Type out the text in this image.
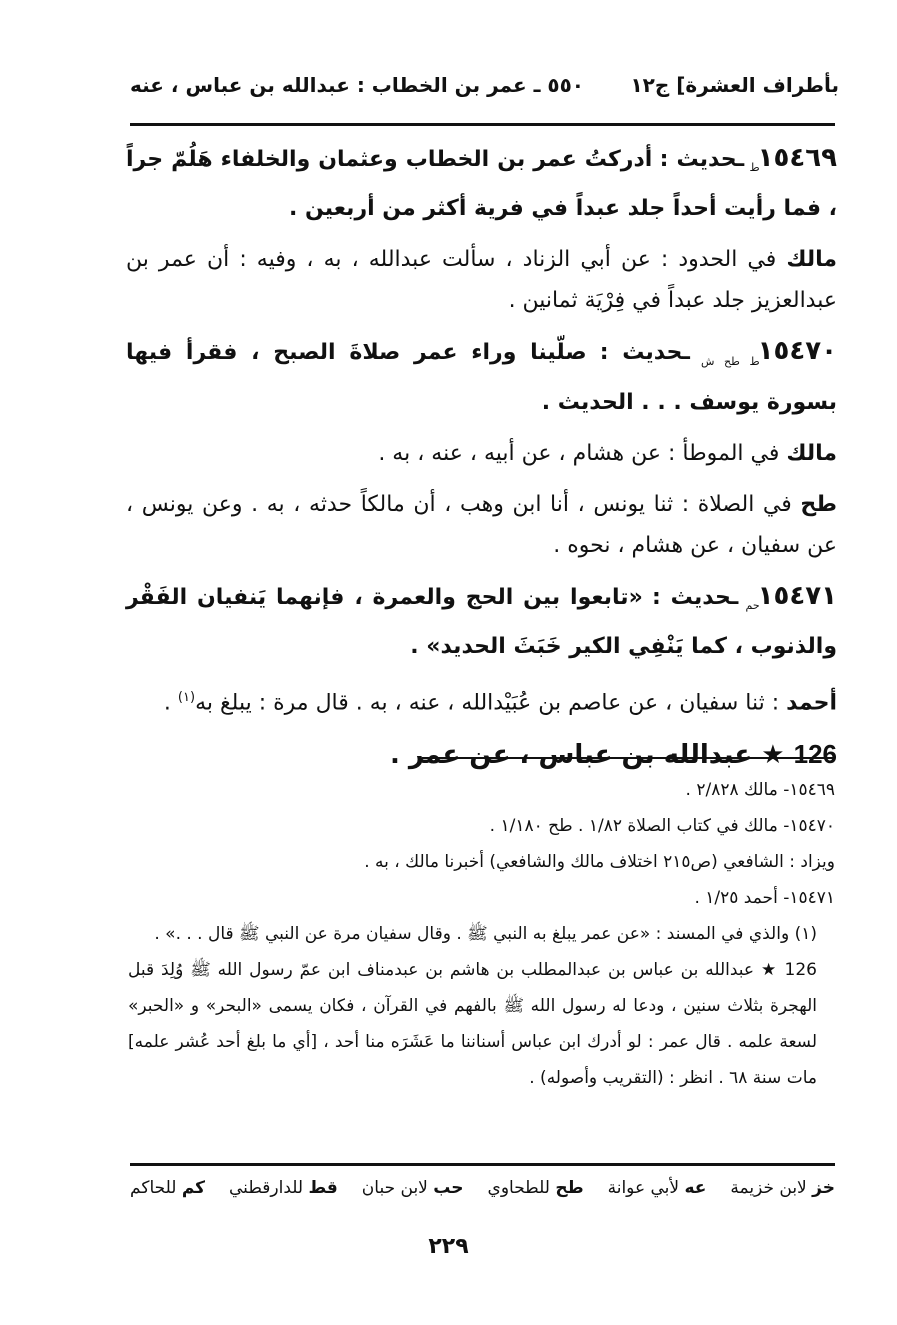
بأطراف العشرة] ج١٢
٥٥٠ ـ عمر بن الخطاب : عبدالله بن عباس ، عنه

$١٥٤٦٩_ط$ ـحديث : أدركتُ عمر بن الخطاب وعثمان والخلفاء هَلُمّ جراً ، فما رأيت أحداً جلد عبداً في فرية أكثر من أربعين .

مالك في الحدود : عن أبي الزناد ، سألت عبدالله ، به ، وفيه : أن عمر بن عبدالعزيز جلد عبداً في فِرْيَة ثمانين .

$١٥٤٧٠_{ط طح ش}$ ـحديث : صلّينا وراء عمر صلاةَ الصبح ، فقرأ فيها بسورة يوسف . . . الحديث .

مالك في الموطأ : عن هشام ، عن أبيه ، عنه ، به .

طح في الصلاة : ثنا يونس ، أنا ابن وهب ، أن مالكاً حدثه ، به . وعن يونس ، عن سفيان ، عن هشام ، نحوه .

$١٥٤٧١_{حم}$ ـحديث : «تابعوا بين الحج والعمرة ، فإنهما يَنفيان الفَقْر والذنوب ، كما يَنْفِي الكير خَبَثَ الحديد» .

أحمد : ثنا سفيان ، عن عاصم بن عُبَيْدالله ، عنه ، به . قال مرة : يبلغ به$^{(١)}$ .

126 ★ عبدالله بن عباس ، عن عمر .

١٥٤٦٩- مالك ٢/٨٢٨ .

١٥٤٧٠- مالك في كتاب الصلاة ١/٨٢ . طح ١/١٨٠ .

ويزاد : الشافعي (ص٢١٥ اختلاف مالك والشافعي) أخبرنا مالك ، به .

١٥٤٧١- أحمد ١/٢٥ .

(١) والذي في المسند : «عن عمر يبلغ به النبي ﷺ . وقال سفيان مرة عن النبي ﷺ قال . . .» .

126 ★ عبدالله بن عباس بن عبدالمطلب بن هاشم بن عبدمناف ابن عمّ رسول الله ﷺ وُلِدَ قبل الهجرة بثلاث سنين ، ودعا له رسول الله ﷺ بالفهم في القرآن ، فكان يسمى «البحر» و «الحبر» لسعة علمه . قال عمر : لو أدرك ابن عباس أسناننا ما عَشَرَه منا أحد ، [أي ما بلغ أحد عُشر علمه] مات سنة ٦٨ . انظر : (التقريب وأصوله) .

خز لابن خزيمة
عه لأبي عوانة
طح للطحاوي
حب لابن حبان
قط للدارقطني
كم للحاكم
٢٢٩
